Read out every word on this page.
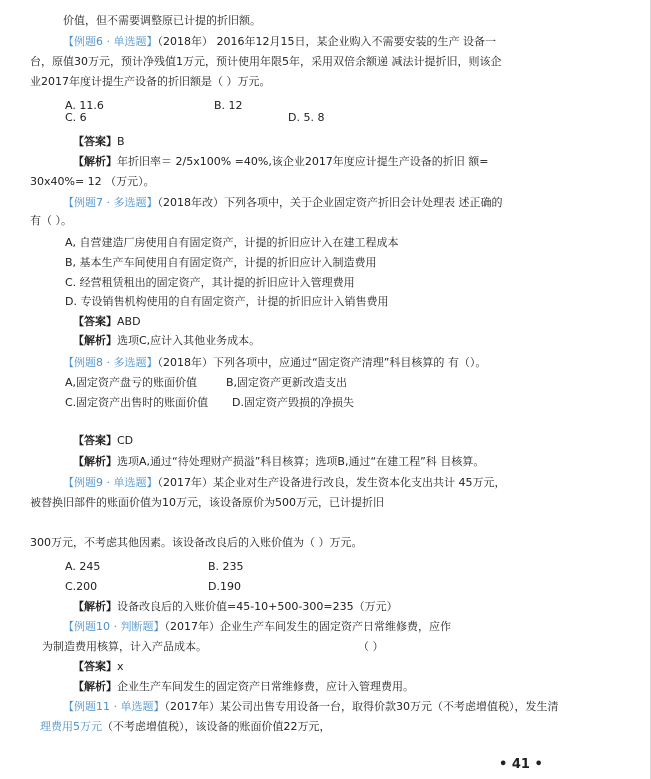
价值，但不需要调整原已计提的折旧额。
【例题6 · 单选题】（2018年） 2016年12月15日，某企业购入不需要安装的生产 设备一
台，原值30万元，预计净残值1万元，预计使用年限5年，采用双倍余额递 减法计提折旧，则该企
业2017年度计提生产设备的折旧额是（ ）万元。
A. 11.6	B. 12
C. 6	D. 5. 8
【答案】B
【解析】年折旧率＝ 2/5x100% =40%,该企业2017年度应计提生产设备的折旧 额=
30x40%= 12 （万元）。
【例题7 · 多选题】（2018年改）下列各项中，关于企业固定资产折旧会计处理表 述正确的
有（ ）。
A, 自营建造厂房使用自有固定资产，计提的折旧应计入在建工程成本
B, 基本生产车间使用自有固定资产，计提的折旧应计入制造费用
C. 经营租赁租出的固定资产，其计提的折旧应计入管理费用
D. 专设销售机构使用的自有固定资产，计提的折旧应计入销售费用
【答案】ABD
【解析】选项C,应计入其他业务成本。
【例题8 · 多选题】（2018年）下列各项中，应通过“固定资产清理”科目核算的 有（）。
A,固定资产盘亏的账面价值	B,固定资产更新改造支出
C.固定资产出售时的账面价值 D.固定资产毁损的净损失
【答案】CD
【解析】选项A,通过“待处理财产损溢”科目核算；选项B,通过“在建工程”科 目核算。
【例题9 · 单选题】（2017年）某企业对生产设备进行改良，发生资本化支出共计 45万元，
被替换旧部件的账面价值为10万元，该设备原价为500万元，已计提折旧
300万元，不考虑其他因素。该设备改良后的入账价值为（ ）万元。
A. 245	B. 235
C.200	D.190
【解析】设备改良后的入账价值=45-10+500-300=235（万元）
【例题10 · 判断题】（2017年）企业生产车间发生的固定资产日常维修费，应作
为制造费用核算，计入产品成本。	（ ）
【答案】x
【解析】企业生产车间发生的固定资产日常维修费，应计入管理费用。
【例题11 · 单选题】（2017年）某公司出售专用设备一台，取得价款30万元（不考虑增值税），发生清
理费用5万元（不考虑增值税），该设备的账面价值22万元，
• 41 •
